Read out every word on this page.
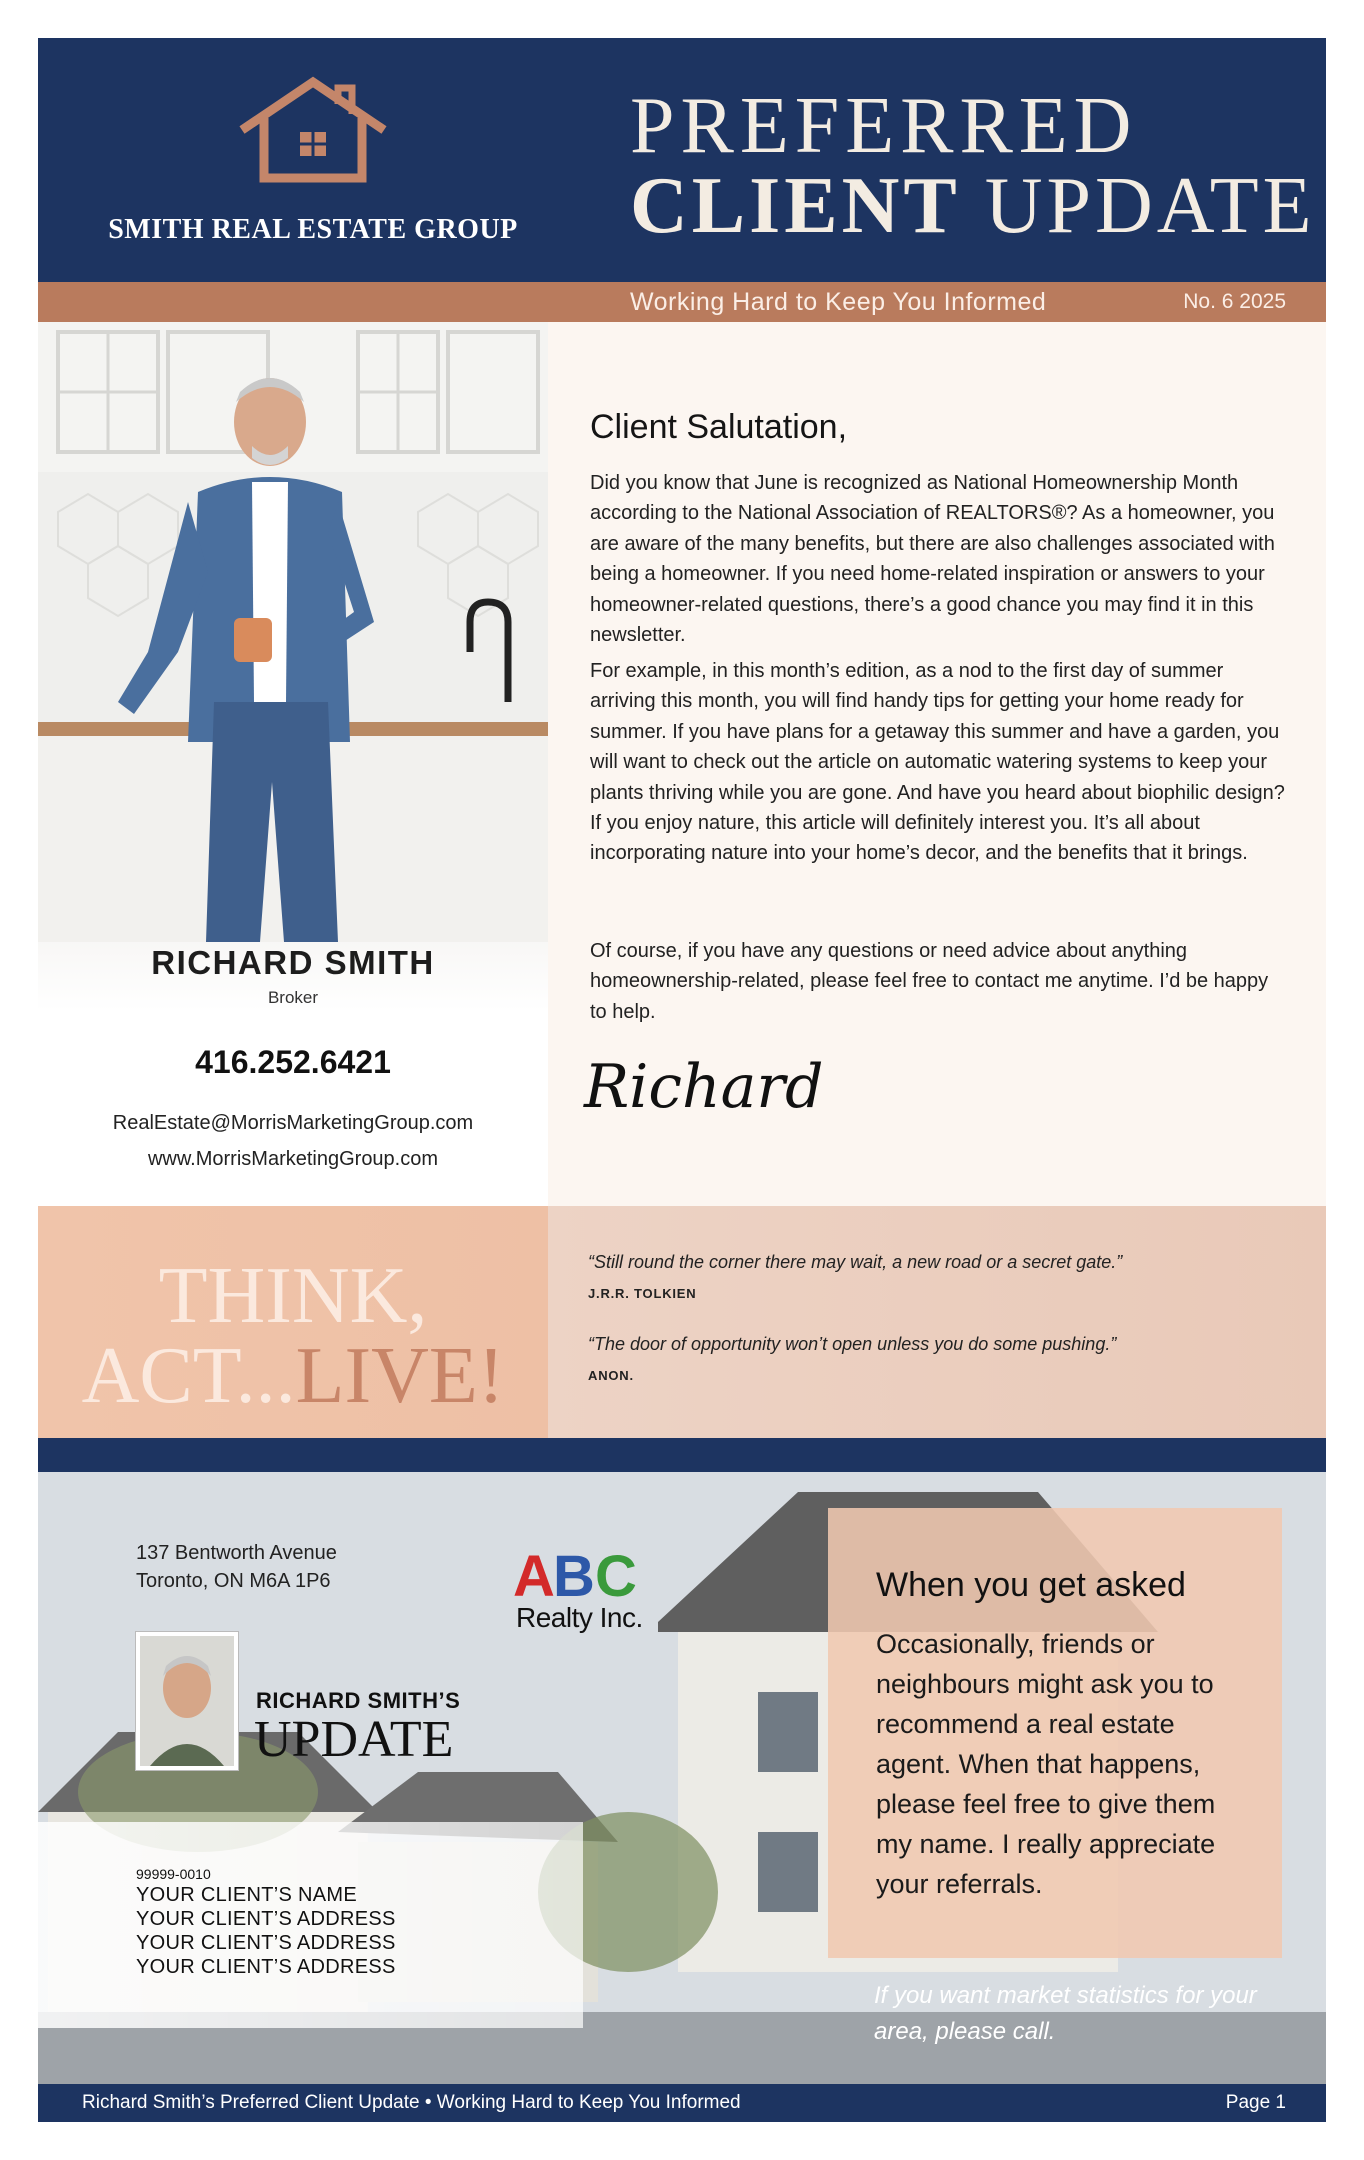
SMITH REAL ESTATE GROUP
PREFERRED
CLIENT UPDATE
Working Hard to Keep You Informed	No. 6 2025
RICHARD SMITH
Broker
416.252.6421
RealEstate@MorrisMarketingGroup.com
www.MorrisMarketingGroup.com
Client Salutation,

Did you know that June is recognized as National Homeownership Month according to the National Association of REALTORS®? As a homeowner, you are aware of the many benefits, but there are also challenges associated with being a homeowner. If you need home-related inspiration or answers to your homeowner-related questions, there’s a good chance you may find it in this newsletter.

For example, in this month’s edition, as a nod to the first day of summer arriving this month, you will find handy tips for getting your home ready for summer. If you have plans for a getaway this summer and have a garden, you will want to check out the article on automatic watering systems to keep your plants thriving while you are gone. And have you heard about biophilic design? If you enjoy nature, this article will definitely interest you. It’s all about incorporating nature into your home’s decor, and the benefits that it brings.

Of course, if you have any questions or need advice about anything homeownership-related, please feel free to contact me anytime. I’d be happy to help.

Richard
THINK,
ACT...LIVE!
“Still round the corner there may wait, a new road or a secret gate.”
J.R.R. TOLKIEN
“The door of opportunity won’t open unless you do some pushing.”
ANON.
137 Bentworth Avenue
Toronto, ON M6A 1P6	A
B C
Realty Inc.
RICHARD SMITH’S
UPDATE
99999-0010
YOUR CLIENT’S NAME
YOUR CLIENT’S ADDRESS
YOUR CLIENT’S ADDRESS
YOUR CLIENT’S ADDRESS
When you get asked
Occasionally, friends or neighbours might ask you to recommend a real estate agent. When that happens, please feel free to give them my name. I really appreciate your referrals.
If you want market statistics for your area, please call.
Richard Smith’s Preferred Client Update • Working Hard to Keep You Informed	Page 1
